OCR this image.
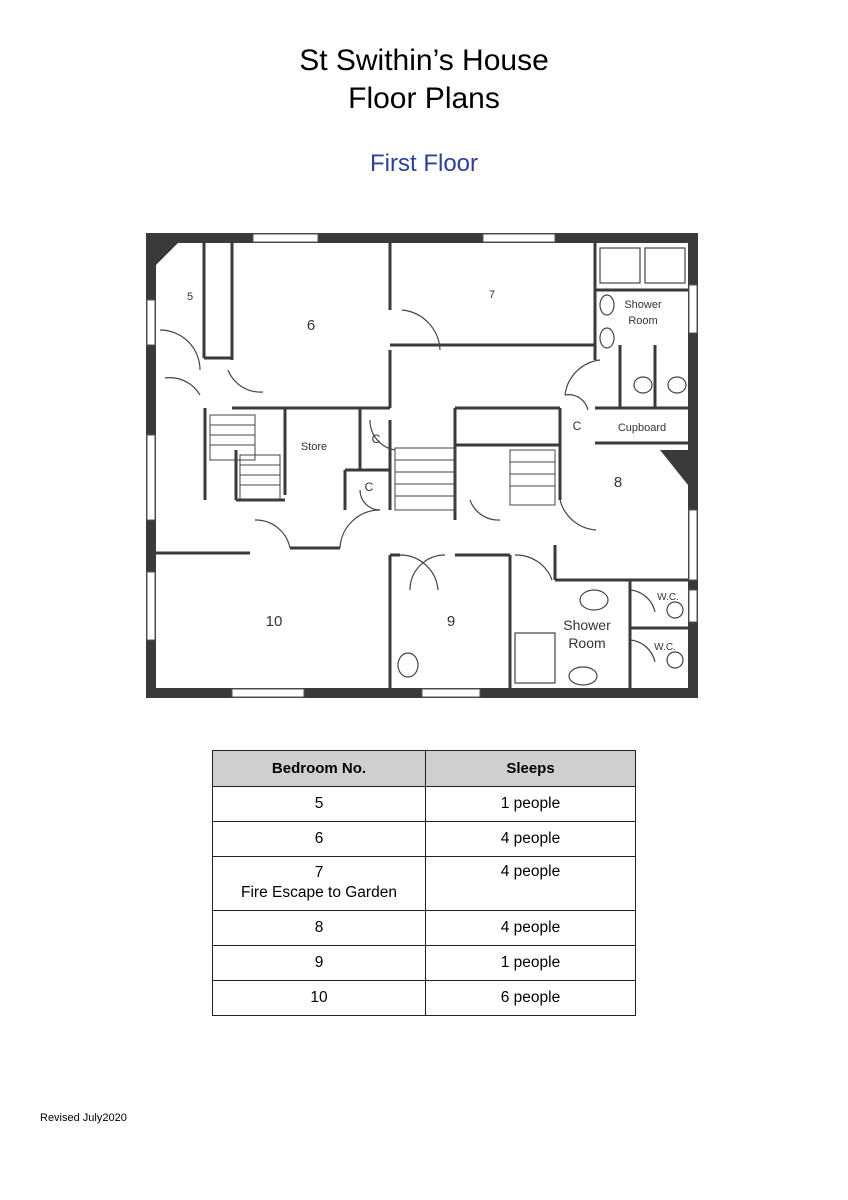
St Swithin’s House
Floor Plans
First Floor
5
6
7
8
9
10
Shower
Room
Store
Cupboard
C
C
C
Shower
Room
W.C.
W.C.
Bedroom No.	Sleeps
5	1 people
6	4 people

7
Fire Escape to Garden	4 people
8	4 people
9	1 people
10	6 people
Revised July2020
